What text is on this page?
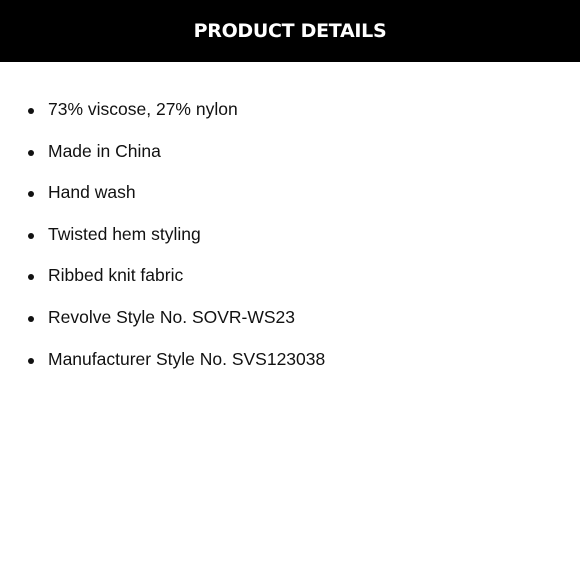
PRODUCT DETAILS
73% viscose, 27% nylon
Made in China
Hand wash
Twisted hem styling
Ribbed knit fabric
Revolve Style No. SOVR-WS23
Manufacturer Style No. SVS123038
